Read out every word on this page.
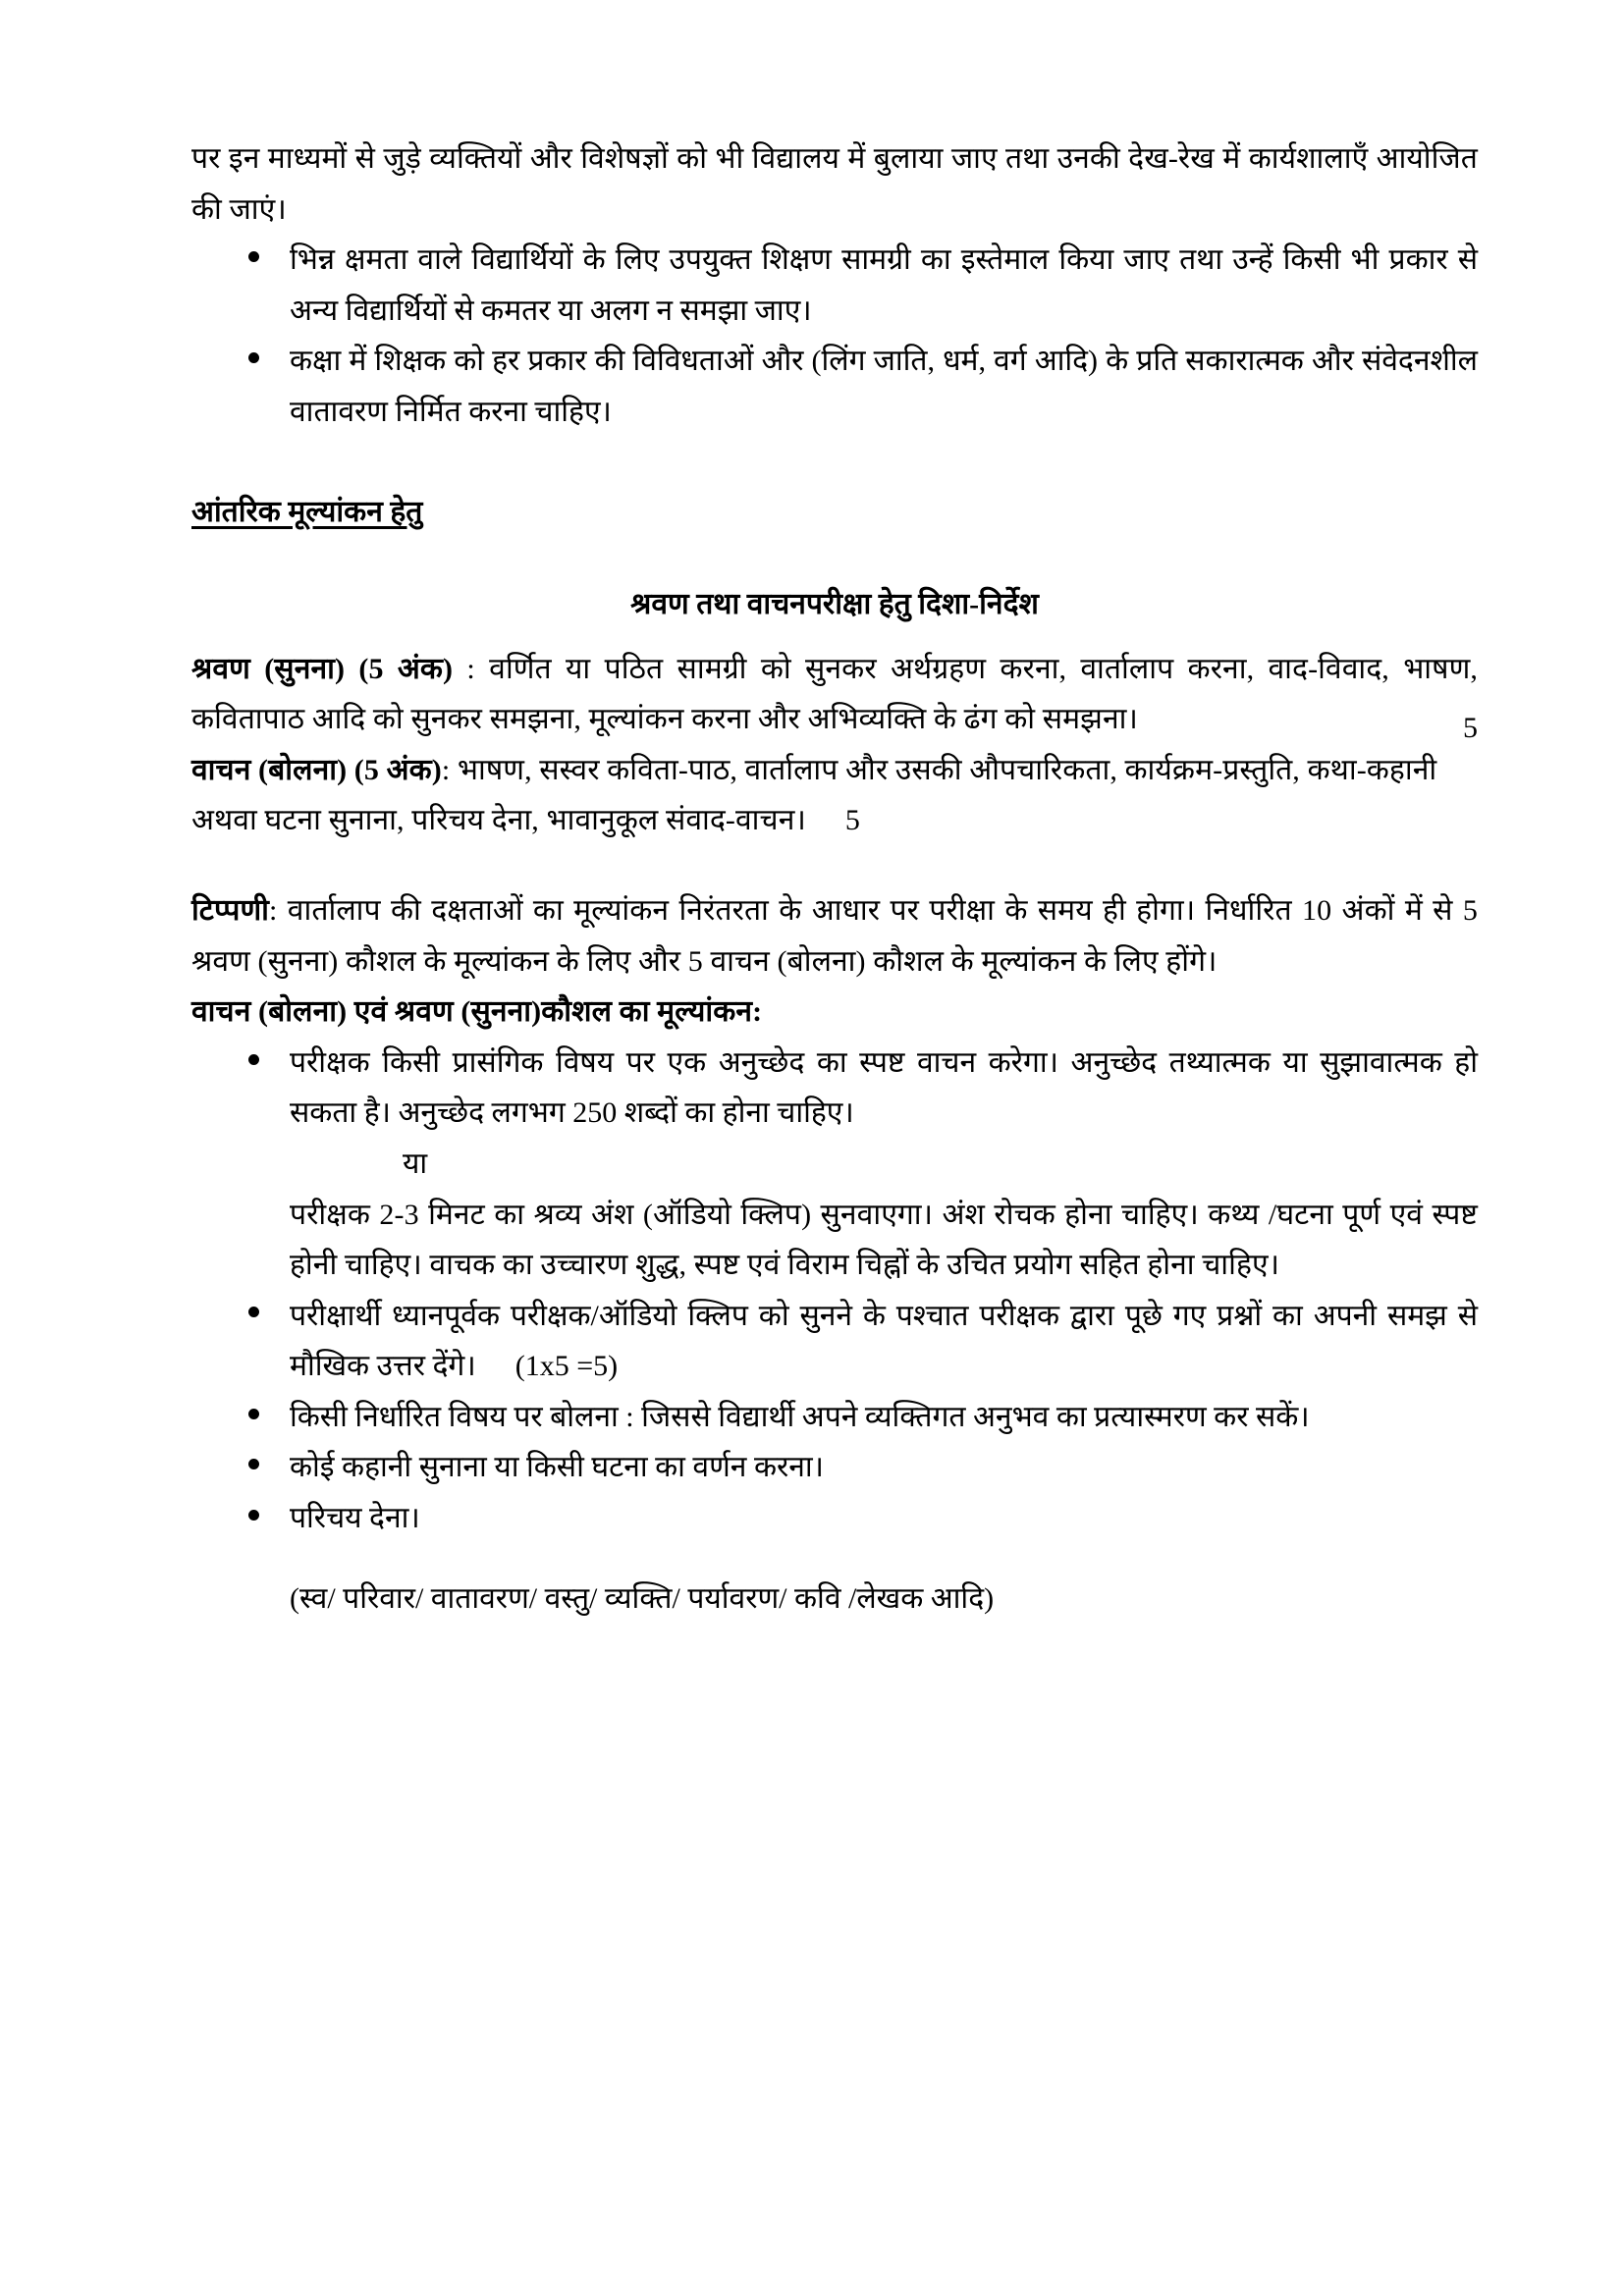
पर इन माध्यमों से जुड़े व्यक्तियों और विशेषज्ञों को भी विद्यालय में बुलाया जाए तथा उनकी देख-रेख में कार्यशालाएँ आयोजित की जाएं।

भिन्न क्षमता वाले विद्यार्थियों के लिए उपयुक्त शिक्षण सामग्री का इस्तेमाल किया जाए तथा उन्हें किसी भी प्रकार से अन्य विद्यार्थियों से कमतर या अलग न समझा जाए।
कक्षा में शिक्षक को हर प्रकार की विविधताओं और (लिंग जाति, धर्म, वर्ग आदि) के प्रति सकारात्मक और संवेदनशील वातावरण निर्मित करना चाहिए।
आंतरिक मूल्यांकन हेतु

श्रवण तथा वाचनपरीक्षा हेतु दिशा-निर्देश

श्रवण (सुनना) (5 अंक) : वर्णित या पठित सामग्री को सुनकर अर्थग्रहण करना, वार्तालाप करना, वाद-विवाद, भाषण, कवितापाठ आदि को सुनकर समझना, मूल्यांकन करना और अभिव्यक्ति के ढंग को समझना।	5

वाचन (बोलना) (5 अंक): भाषण, सस्वर कविता-पाठ, वार्तालाप और उसकी औपचारिकता, कार्यक्रम-प्रस्तुति, कथा-कहानी अथवा घटना सुनाना, परिचय देना, भावानुकूल संवाद-वाचन। 5

टिप्पणी: वार्तालाप की दक्षताओं का मूल्यांकन निरंतरता के आधार पर परीक्षा के समय ही होगा। निर्धारित 10 अंकों में से 5 श्रवण (सुनना) कौशल के मूल्यांकन के लिए और 5 वाचन (बोलना) कौशल के मूल्यांकन के लिए होंगे।

वाचन (बोलना) एवं श्रवण (सुनना)कौशल का मूल्यांकन:

परीक्षक किसी प्रासंगिक विषय पर एक अनुच्छेद का स्पष्ट वाचन करेगा। अनुच्छेद तथ्यात्मक या सुझावात्मक हो सकता है। अनुच्छेद लगभग 250 शब्दों का होना चाहिए।

या

परीक्षक 2-3 मिनट का श्रव्य अंश (ऑडियो क्लिप) सुनवाएगा। अंश रोचक होना चाहिए। कथ्य /घटना पूर्ण एवं स्पष्ट होनी चाहिए। वाचक का उच्चारण शुद्ध, स्पष्ट एवं विराम चिह्नों के उचित प्रयोग सहित होना चाहिए।

परीक्षार्थी ध्यानपूर्वक परीक्षक/ऑडियो क्लिप को सुनने के पश्चात परीक्षक द्वारा पूछे गए प्रश्नों का अपनी समझ से मौखिक उत्तर देंगे। (1x5 =5)
किसी निर्धारित विषय पर बोलना : जिससे विद्यार्थी अपने व्यक्तिगत अनुभव का प्रत्यास्मरण कर सकें।
कोई कहानी सुनाना या किसी घटना का वर्णन करना।
परिचय देना।

(स्व/ परिवार/ वातावरण/ वस्तु/ व्यक्ति/ पर्यावरण/ कवि /लेखक आदि)
